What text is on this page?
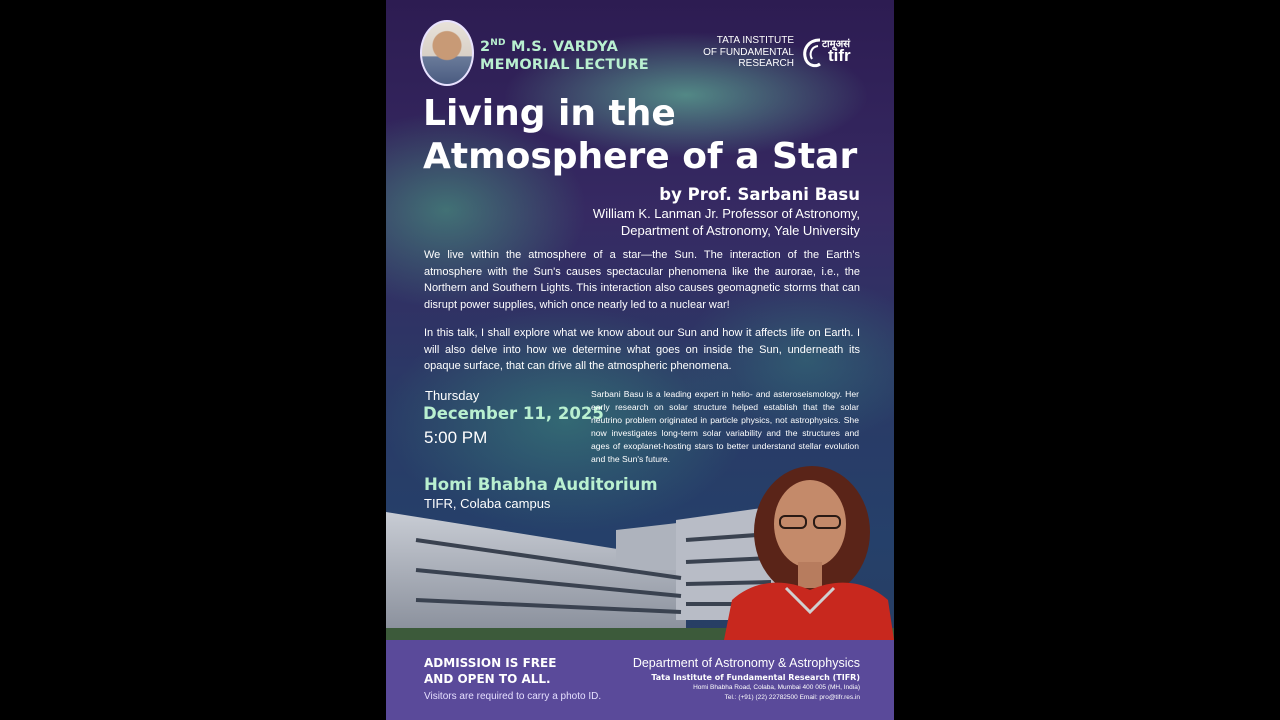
2ND M.S. VARDYA
MEMORIAL LECTURE
TATA INSTITUTE
OF FUNDAMENTAL
RESEARCH
टामूअसं
tifr
Living in the
Atmosphere of a Star
by Prof. Sarbani Basu
William K. Lanman Jr. Professor of Astronomy,
Department of Astronomy, Yale University

We live within the atmosphere of a star—the Sun. The interaction of the Earth's atmosphere with the Sun's causes spectacular phenomena like the aurorae, i.e., the Northern and Southern Lights. This interaction also causes geomagnetic storms that can disrupt power supplies, which once nearly led to a nuclear war!

In this talk, I shall explore what we know about our Sun and how it affects life on Earth. I will also delve into how we determine what goes on inside the Sun, underneath its opaque surface, that can drive all the atmospheric phenomena.

Thursday
December 11, 2025
5:00 PM

Sarbani Basu is a leading expert in helio- and asteroseismology. Her early research on solar structure helped establish that the solar neutrino problem originated in particle physics, not astrophysics. She now investigates long-term solar variability and the structures and ages of exoplanet-hosting stars to better understand stellar evolution and the Sun's future.

Homi Bhabha Auditorium
TIFR, Colaba campus
ADMISSION IS FREE
AND OPEN TO ALL.
Visitors are required to carry a photo ID.
Department of Astronomy & Astrophysics
Tata Institute of Fundamental Research (TIFR)
Homi Bhabha Road, Colaba, Mumbai 400 005 (MH, India)
Tel.: (+91) (22) 22782500 Email: pro@tifr.res.in
